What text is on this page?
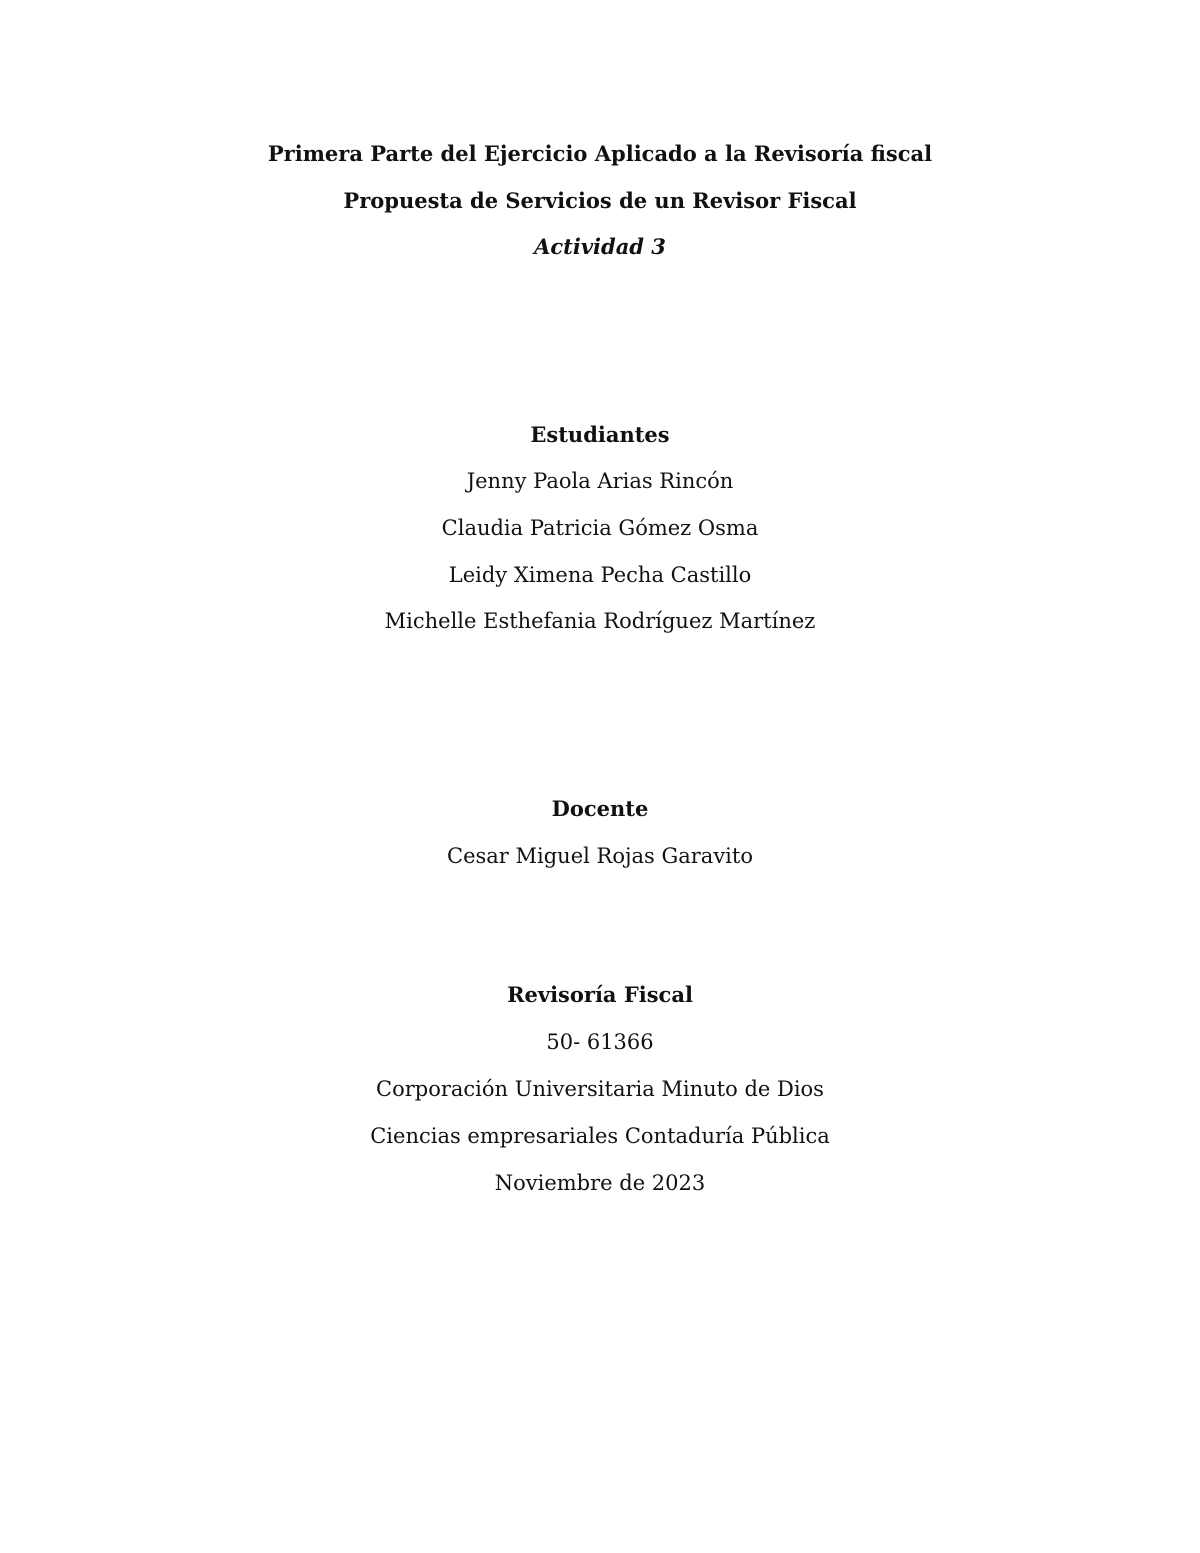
Primera Parte del Ejercicio Aplicado a la Revisoría fiscal
Propuesta de Servicios de un Revisor Fiscal
Actividad 3
Estudiantes
Jenny Paola Arias Rincón
Claudia Patricia Gómez Osma
Leidy Ximena Pecha Castillo
Michelle Esthefania Rodríguez Martínez
Docente
Cesar Miguel Rojas Garavito
Revisoría Fiscal
50- 61366
Corporación Universitaria Minuto de Dios
Ciencias empresariales Contaduría Pública
Noviembre de 2023
